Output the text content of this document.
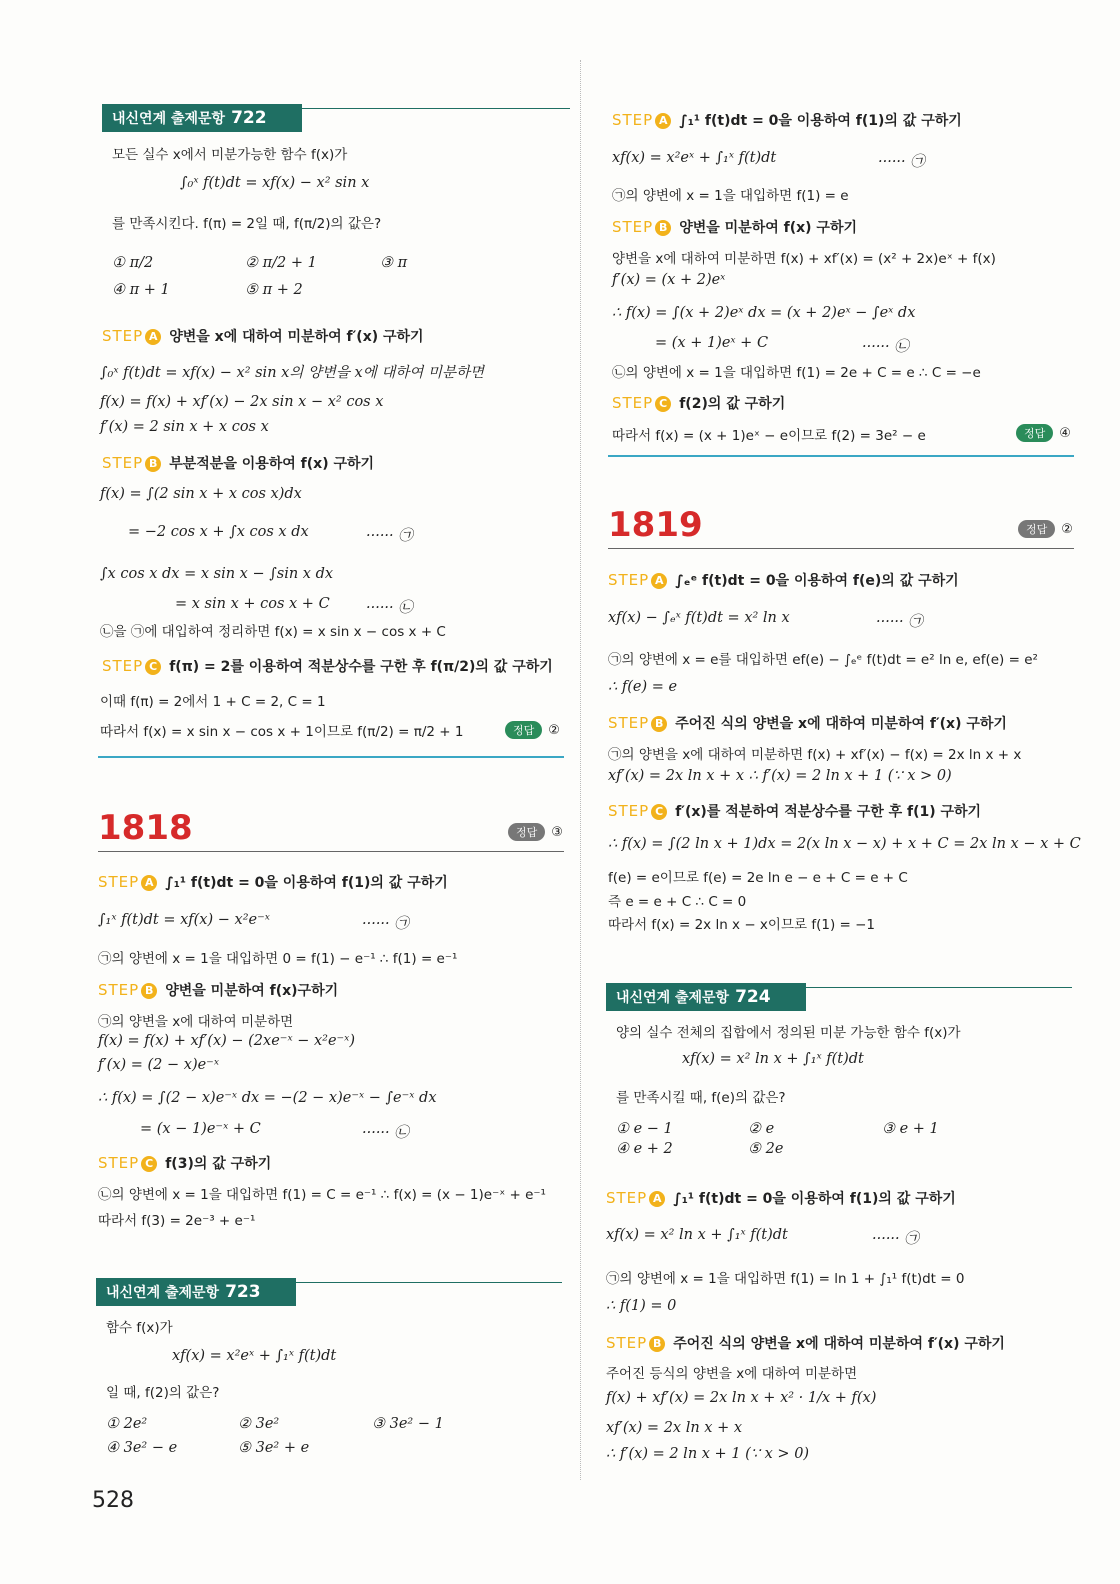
내신연계 출제문항 722
모든 실수 x에서 미분가능한 함수 f(x)가
∫₀ˣ f(t)dt = xf(x) − x² sin x
를 만족시킨다. f(π) = 2일 때, f(π/2)의 값은?
① π/2	② π/2 + 1	③ π
④ π + 1	⑤ π + 2
STEP A 양변을 x에 대하여 미분하여 f′(x) 구하기
∫₀ˣ f(t)dt = xf(x) − x² sin x의 양변을 x에 대하여 미분하면
f(x) = f(x) + xf′(x) − 2x sin x − x² cos x
f′(x) = 2 sin x + x cos x
STEP B 부분적분을 이용하여 f(x) 구하기
f(x) = ∫(2 sin x + x cos x)dx
= −2 cos x + ∫x cos x dx	······ ㉠
∫x cos x dx = x sin x − ∫sin x dx
= x sin x + cos x + C	······ ㉡
㉡을 ㉠에 대입하여 정리하면 f(x) = x sin x − cos x + C
STEP C f(π) = 2를 이용하여 적분상수를 구한 후 f(π/2)의 값 구하기
이때 f(π) = 2에서 1 + C = 2, C = 1
따라서 f(x) = x sin x − cos x + 1이므로 f(π/2) = π/2 + 1	정답 ②
1818	정답 ③
STEP A ∫₁¹ f(t)dt = 0을 이용하여 f(1)의 값 구하기
∫₁ˣ f(t)dt = xf(x) − x²e⁻ˣ	······ ㉠
㉠의 양변에 x = 1을 대입하면 0 = f(1) − e⁻¹ ∴ f(1) = e⁻¹
STEP B 양변을 미분하여 f(x)구하기
㉠의 양변을 x에 대하여 미분하면
f(x) = f(x) + xf′(x) − (2xe⁻ˣ − x²e⁻ˣ)
f′(x) = (2 − x)e⁻ˣ
∴ f(x) = ∫(2 − x)e⁻ˣ dx = −(2 − x)e⁻ˣ − ∫e⁻ˣ dx
= (x − 1)e⁻ˣ + C	······ ㉡
STEP C f(3)의 값 구하기
㉡의 양변에 x = 1을 대입하면 f(1) = C = e⁻¹ ∴ f(x) = (x − 1)e⁻ˣ + e⁻¹
따라서 f(3) = 2e⁻³ + e⁻¹
내신연계 출제문항 723
함수 f(x)가
xf(x) = x²eˣ + ∫₁ˣ f(t)dt
일 때, f(2)의 값은?
① 2e²	② 3e²	③ 3e² − 1
④ 3e² − e	⑤ 3e² + e
528
STEP A ∫₁¹ f(t)dt = 0을 이용하여 f(1)의 값 구하기
xf(x) = x²eˣ + ∫₁ˣ f(t)dt	······ ㉠
㉠의 양변에 x = 1을 대입하면 f(1) = e
STEP B 양변을 미분하여 f(x) 구하기
양변을 x에 대하여 미분하면 f(x) + xf′(x) = (x² + 2x)eˣ + f(x)
f′(x) = (x + 2)eˣ
∴ f(x) = ∫(x + 2)eˣ dx = (x + 2)eˣ − ∫eˣ dx
= (x + 1)eˣ + C	······ ㉡
㉡의 양변에 x = 1을 대입하면 f(1) = 2e + C = e ∴ C = −e
STEP C f(2)의 값 구하기
따라서 f(x) = (x + 1)eˣ − e이므로 f(2) = 3e² − e	정답 ④
1819	정답 ②
STEP A ∫ₑᵉ f(t)dt = 0을 이용하여 f(e)의 값 구하기
xf(x) − ∫ₑˣ f(t)dt = x² ln x	······ ㉠
㉠의 양변에 x = e를 대입하면 ef(e) − ∫ₑᵉ f(t)dt = e² ln e, ef(e) = e²
∴ f(e) = e
STEP B 주어진 식의 양변을 x에 대하여 미분하여 f′(x) 구하기
㉠의 양변을 x에 대하여 미분하면 f(x) + xf′(x) − f(x) = 2x ln x + x
xf′(x) = 2x ln x + x ∴ f′(x) = 2 ln x + 1 (∵ x > 0)
STEP C f′(x)를 적분하여 적분상수를 구한 후 f(1) 구하기
∴ f(x) = ∫(2 ln x + 1)dx = 2(x ln x − x) + x + C = 2x ln x − x + C
f(e) = e이므로 f(e) = 2e ln e − e + C = e + C
즉 e = e + C ∴ C = 0
따라서 f(x) = 2x ln x − x이므로 f(1) = −1
내신연계 출제문항 724
양의 실수 전체의 집합에서 정의된 미분 가능한 함수 f(x)가
xf(x) = x² ln x + ∫₁ˣ f(t)dt
를 만족시킬 때, f(e)의 값은?
① e − 1	② e	③ e + 1
④ e + 2	⑤ 2e
STEP A ∫₁¹ f(t)dt = 0을 이용하여 f(1)의 값 구하기
xf(x) = x² ln x + ∫₁ˣ f(t)dt	······ ㉠
㉠의 양변에 x = 1을 대입하면 f(1) = ln 1 + ∫₁¹ f(t)dt = 0
∴ f(1) = 0
STEP B 주어진 식의 양변을 x에 대하여 미분하여 f′(x) 구하기
주어진 등식의 양변을 x에 대하여 미분하면
f(x) + xf′(x) = 2x ln x + x² · 1/x + f(x)
xf′(x) = 2x ln x + x
∴ f′(x) = 2 ln x + 1 (∵ x > 0)
